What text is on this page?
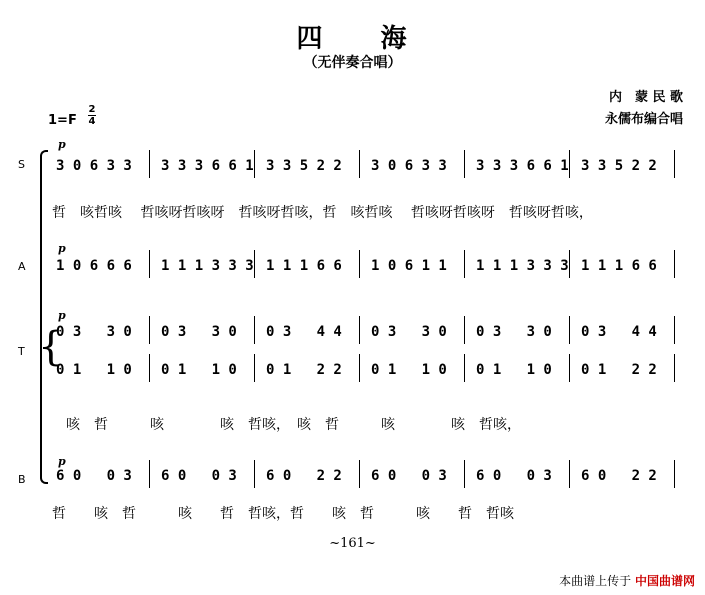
四　　海
（无伴奏合唱）
内　蒙 民 歌
永儒布编合唱
1=F
2
4
S
A
T
B
p
p
p
p
3 0 6 3 3 3 3 3 6 6 1 3 3 5 2 2 3 0 6 3 3 3 3 3 6 6 1 3 3 5 2 2
哲　咳哲咳　 哲咳呀哲咳呀　哲咳呀哲咳，哲　咳哲咳　 哲咳呀哲咳呀　哲咳呀哲咳，
1 0 6 6 6 1 1 1 3 3 3 1 1 1 6 6 1 0 6 1 1 1 1 1 3 3 3 1 1 1 6 6
{
0 3   3 0 0 3   3 0 0 3   4 4 0 3   3 0 0 3   3 0 0 3   4 4
0 1   1 0 0 1   1 0 0 1   2 2 0 1   1 0 0 1   1 0 0 1   2 2
咳　哲　　　咳　　　　咳　哲咳，　咳　哲　　　咳　　　　咳　哲咳，
6 0   0 3 6 0   0 3 6 0   2 2 6 0   0 3 6 0   0 3 6 0   2 2
哲　　咳　哲　　　咳　　哲　哲咳，哲　　咳　哲　　　咳　　哲　哲咳
~161~
本曲谱上传于 中国曲谱网
